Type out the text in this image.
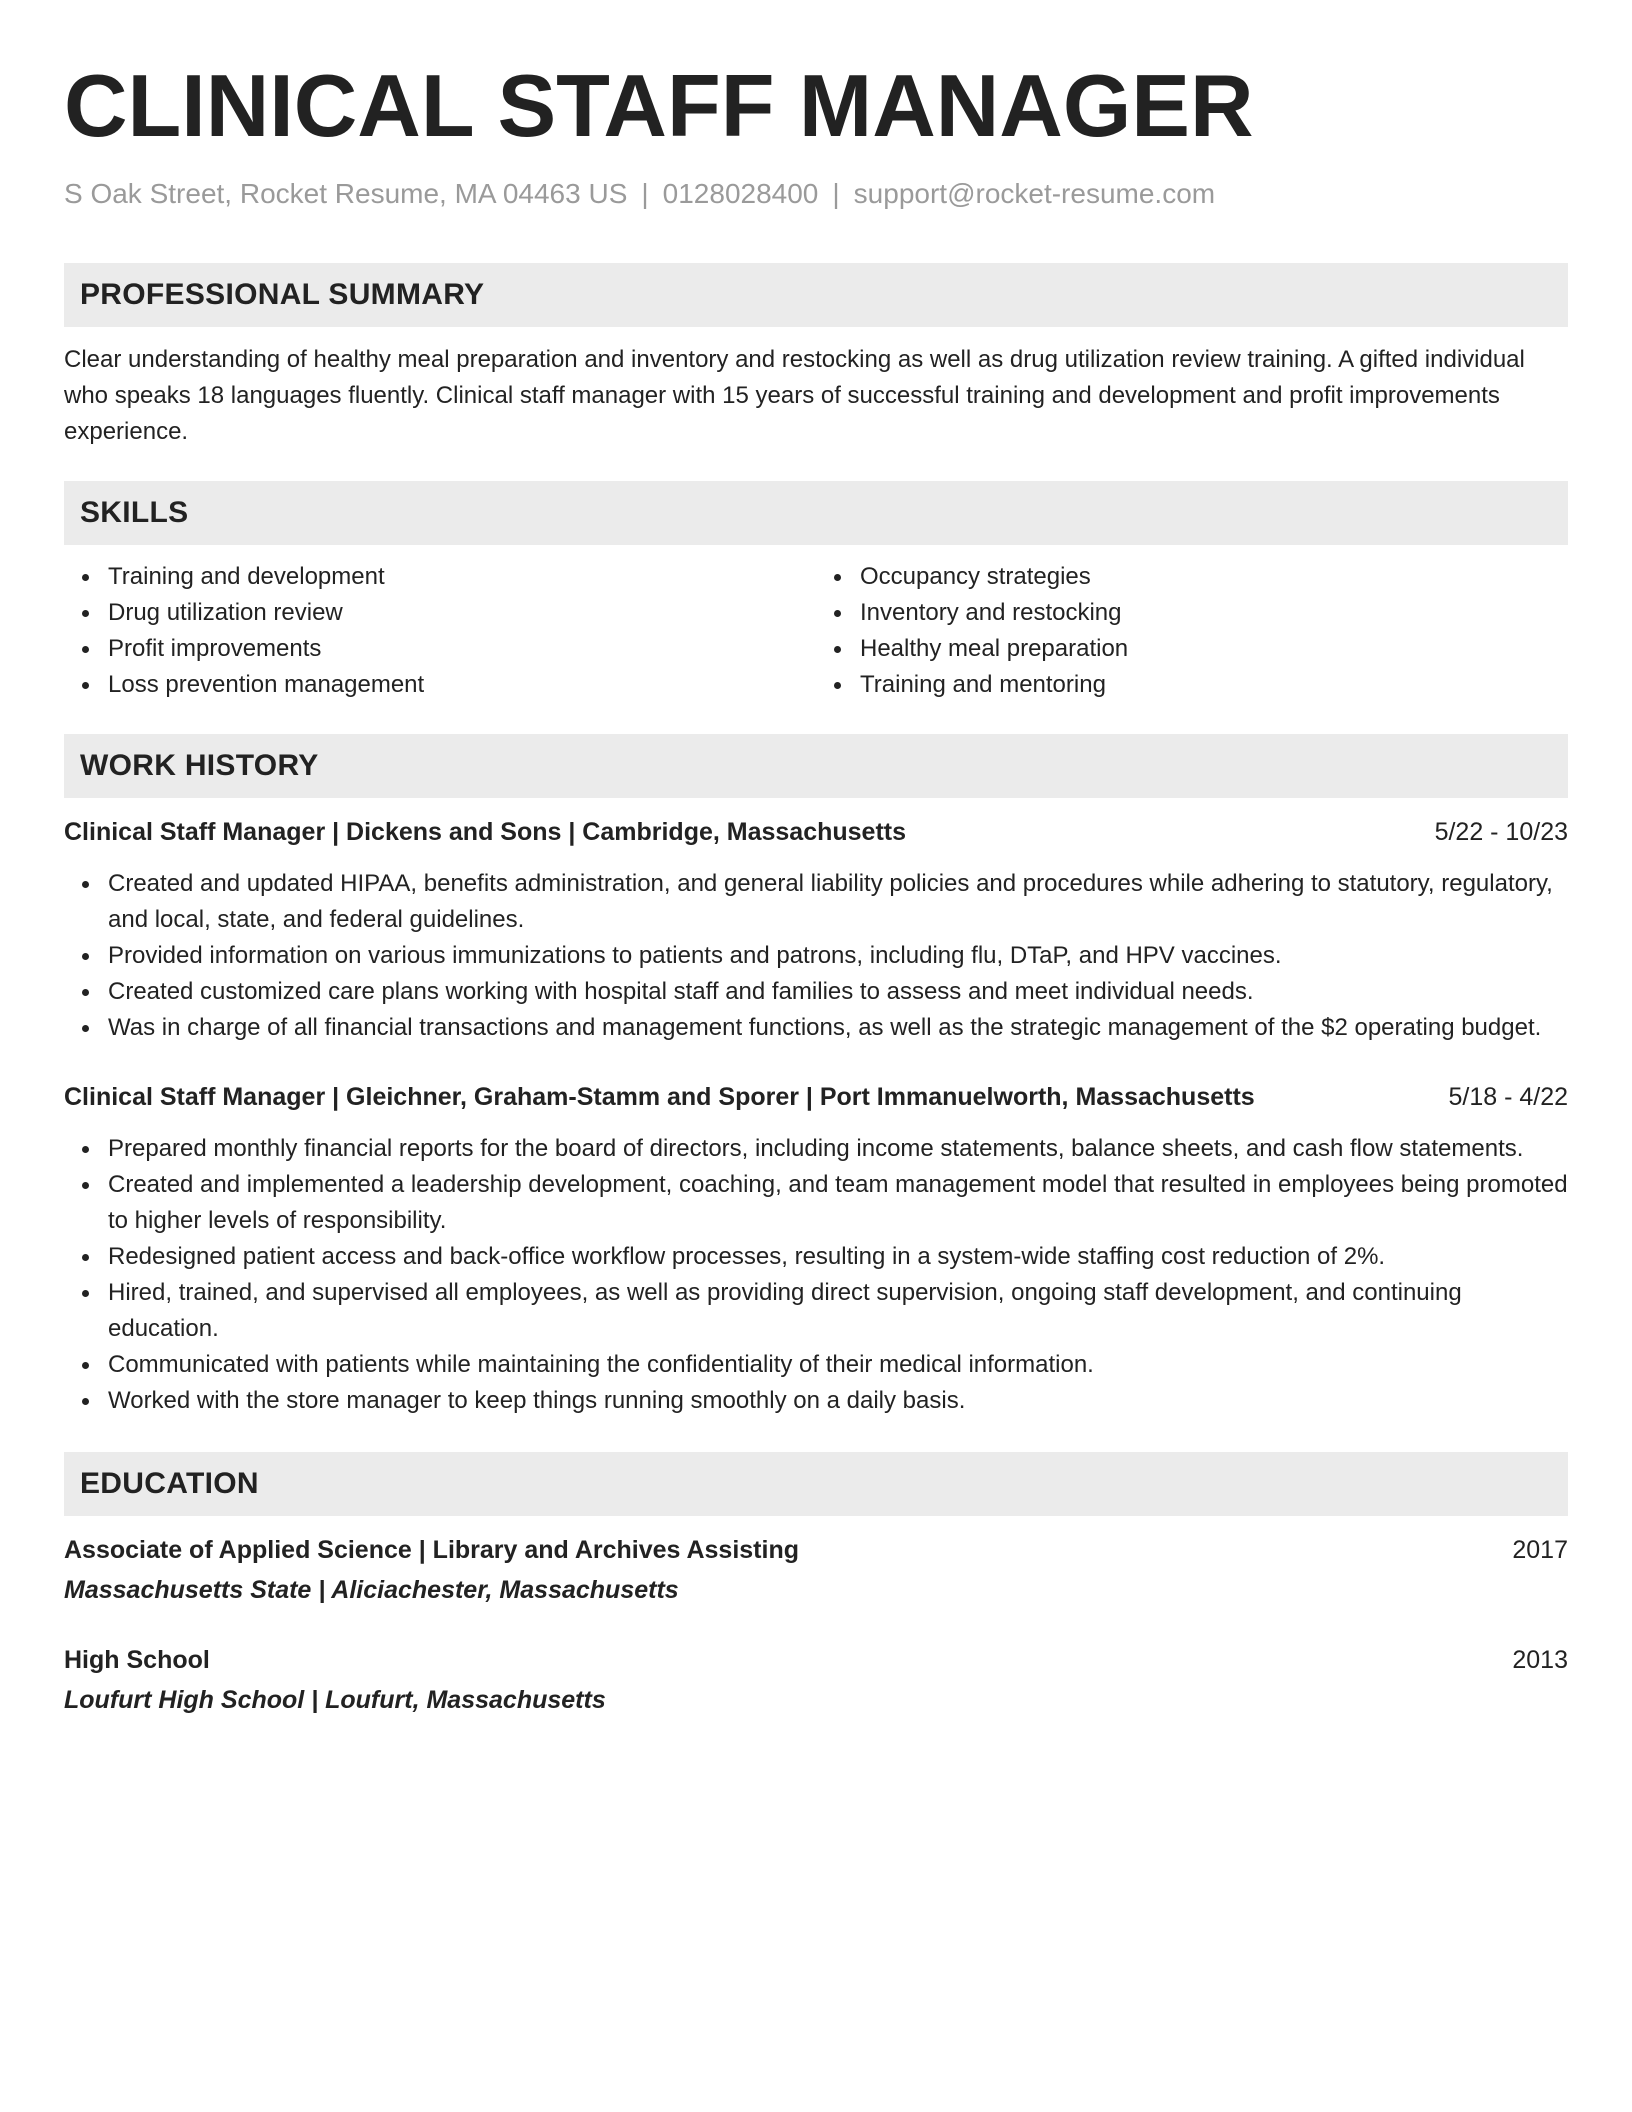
CLINICAL STAFF MANAGER
S Oak Street, Rocket Resume, MA 04463 US | 0128028400 | support@rocket-resume.com
PROFESSIONAL SUMMARY
Clear understanding of healthy meal preparation and inventory and restocking as well as drug utilization review training. A gifted individual who speaks 18 languages fluently. Clinical staff manager with 15 years of successful training and development and profit improvements experience.
SKILLS
Training and development
Drug utilization review
Profit improvements
Loss prevention management
Occupancy strategies
Inventory and restocking
Healthy meal preparation
Training and mentoring
WORK HISTORY
Clinical Staff Manager | Dickens and Sons | Cambridge, Massachusetts	5/22 - 10/23
Created and updated HIPAA, benefits administration, and general liability policies and procedures while adhering to statutory, regulatory, and local, state, and federal guidelines.
Provided information on various immunizations to patients and patrons, including flu, DTaP, and HPV vaccines.
Created customized care plans working with hospital staff and families to assess and meet individual needs.
Was in charge of all financial transactions and management functions, as well as the strategic management of the $2 operating budget.
Clinical Staff Manager | Gleichner, Graham-Stamm and Sporer | Port Immanuelworth, Massachusetts	5/18 - 4/22
Prepared monthly financial reports for the board of directors, including income statements, balance sheets, and cash flow statements.
Created and implemented a leadership development, coaching, and team management model that resulted in employees being promoted to higher levels of responsibility.
Redesigned patient access and back-office workflow processes, resulting in a system-wide staffing cost reduction of 2%.
Hired, trained, and supervised all employees, as well as providing direct supervision, ongoing staff development, and continuing education.
Communicated with patients while maintaining the confidentiality of their medical information.
Worked with the store manager to keep things running smoothly on a daily basis.
EDUCATION
Associate of Applied Science | Library and Archives Assisting	2017
Massachusetts State | Aliciachester, Massachusetts
High School	2013
Loufurt High School | Loufurt, Massachusetts
